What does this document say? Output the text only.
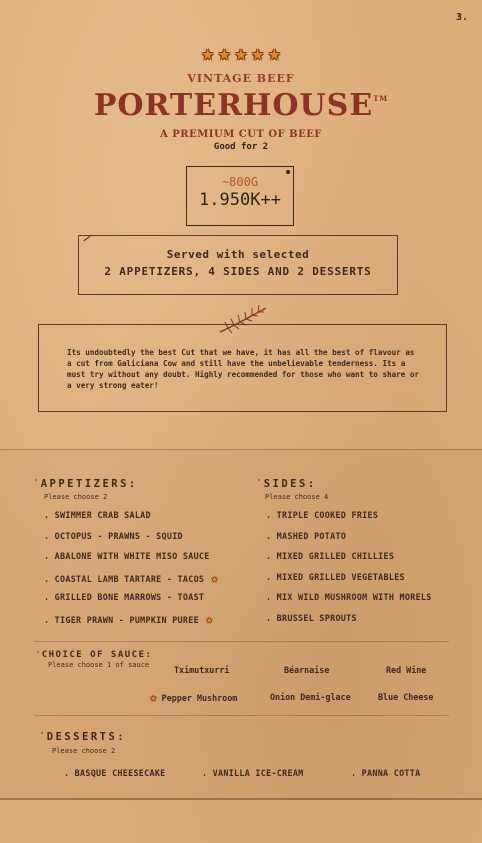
3.
★ ★ ★ ★ ★
VINTAGE BEEF
PORTERHOUSE™
A PREMIUM CUT OF BEEF
Good for 2
~800G
1.950K++
Served with selected
2 APPETIZERS, 4 SIDES AND 2 DESSERTS
Its undoubtedly the best Cut that we have, it has all the best of flavour as a cut from Galiciana Cow and still have the unbelievable tenderness. Its a must try without any doubt. Highly recommended for those who want to share or a very strong eater!
'APPETIZERS:
Please choose 2
. SWIMMER CRAB SALAD
. OCTOPUS - PRAWNS - SQUID
. ABALONE WITH WHITE MISO SAUCE
. COASTAL LAMB TARTARE - TACOS ★
. GRILLED BONE MARROWS - TOAST
. TIGER PRAWN - PUMPKIN PUREE ★
'SIDES:
Please choose 4
. TRIPLE COOKED FRIES
. MASHED POTATO
. MIXED GRILLED CHILLIES
. MIXED GRILLED VEGETABLES
. MIX WILD MUSHROOM WITH MORELS
. BRUSSEL SPROUTS
'CHOICE OF SAUCE:
Please choose 1 of sauce	Tximutxurri	Béarnaise	Red Wine
★ Pepper Mushroom	Onion Demi-glace	Blue Cheese
'DESSERTS:
Please choose 2
. BASQUE CHEESECAKE	. VANILLA ICE-CREAM	. PANNA COTTA
